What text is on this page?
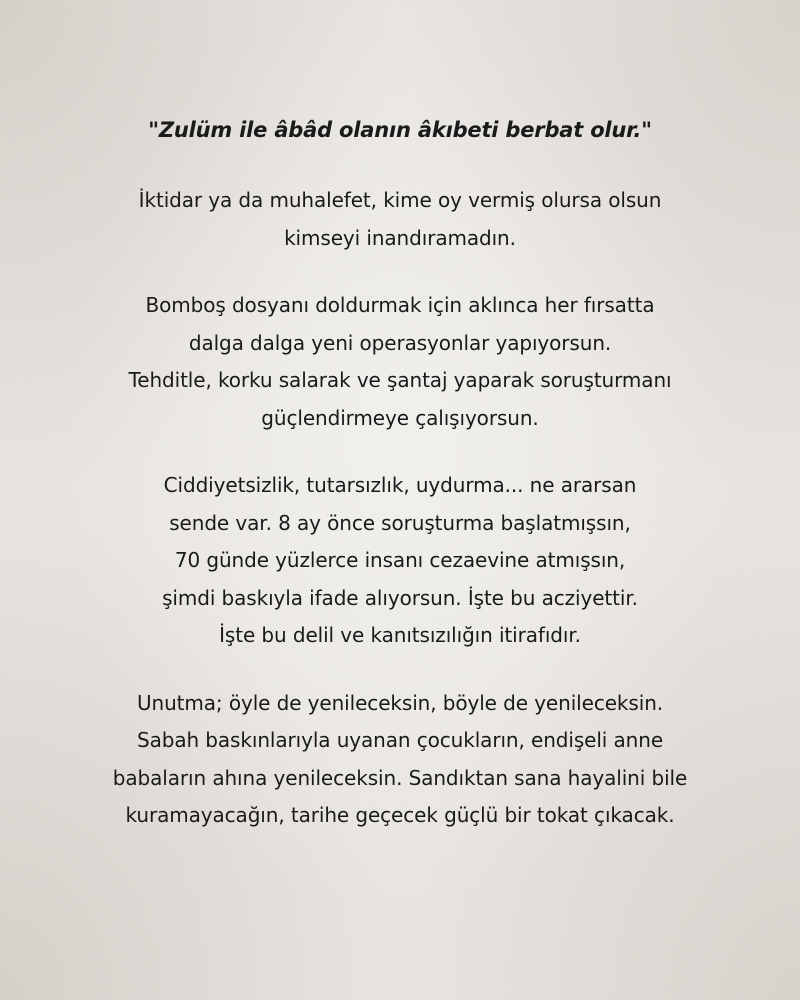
"Zulüm ile âbâd olanın âkıbeti berbat olur."
İktidar ya da muhalefet, kime oy vermiş olursa olsun
kimseyi inandıramadın.
Bomboş dosyanı doldurmak için aklınca her fırsatta
dalga dalga yeni operasyonlar yapıyorsun.
Tehditle, korku salarak ve şantaj yaparak soruşturmanı
güçlendirmeye çalışıyorsun.
Ciddiyetsizlik, tutarsızlık, uydurma... ne ararsan
sende var. 8 ay önce soruşturma başlatmışsın,
70 günde yüzlerce insanı cezaevine atmışsın,
şimdi baskıyla ifade alıyorsun. İşte bu acziyettir.
İşte bu delil ve kanıtsızılığın itirafıdır.
Unutma; öyle de yenileceksin, böyle de yenileceksin.
Sabah baskınlarıyla uyanan çocukların, endişeli anne
babaların ahına yenileceksin. Sandıktan sana hayalini bile
kuramayacağın, tarihe geçecek güçlü bir tokat çıkacak.
